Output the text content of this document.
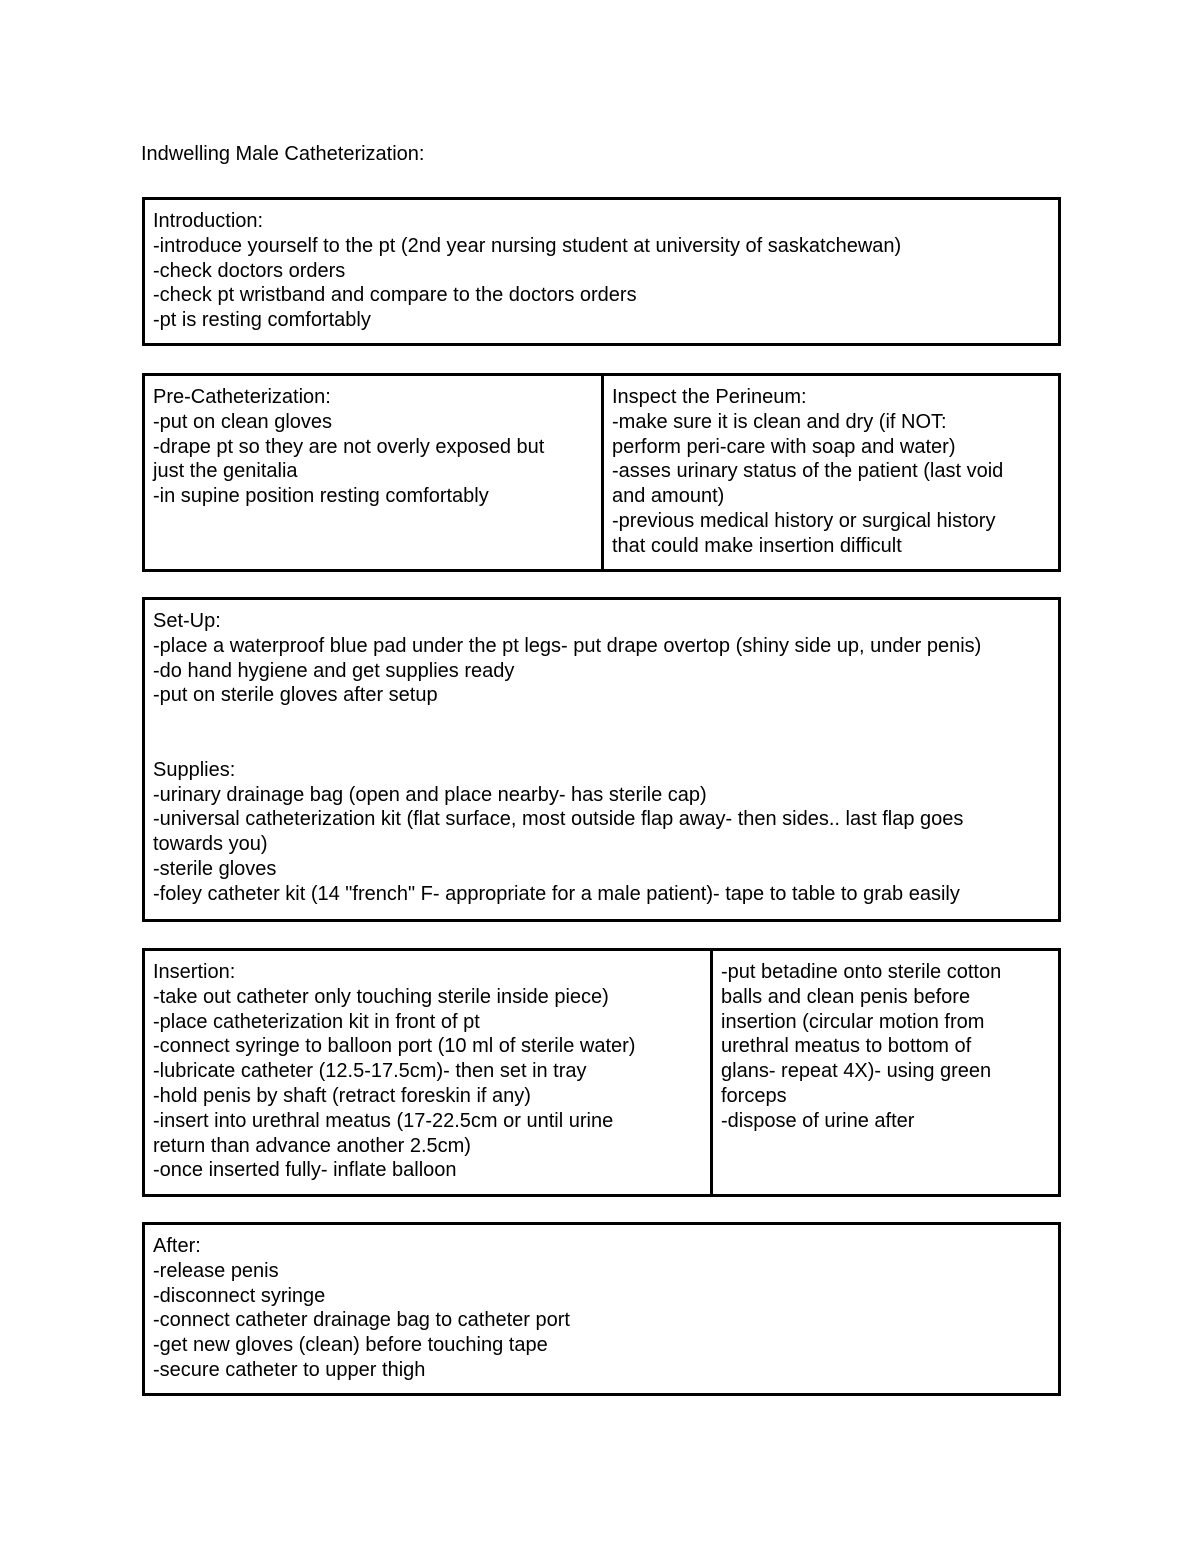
Indwelling Male Catheterization:
Introduction:
-introduce yourself to the pt (2nd year nursing student at university of saskatchewan)
-check doctors orders
-check pt wristband and compare to the doctors orders
-pt is resting comfortably
Pre-Catheterization:
-put on clean gloves
-drape pt so they are not overly exposed but
just the genitalia
-in supine position resting comfortably
Inspect the Perineum:
-make sure it is clean and dry (if NOT:
perform peri-care with soap and water)
-asses urinary status of the patient (last void
and amount)
-previous medical history or surgical history
that could make insertion difficult
Set-Up:
-place a waterproof blue pad under the pt legs- put drape overtop (shiny side up, under penis)
-do hand hygiene and get supplies ready
-put on sterile gloves after setup
Supplies:
-urinary drainage bag (open and place nearby- has sterile cap)
-universal catheterization kit (flat surface, most outside flap away- then sides.. last flap goes
towards you)
-sterile gloves
-foley catheter kit (14 "french" F- appropriate for a male patient)- tape to table to grab easily
Insertion:
-take out catheter only touching sterile inside piece)
-place catheterization kit in front of pt
-connect syringe to balloon port (10 ml of sterile water)
-lubricate catheter (12.5-17.5cm)- then set in tray
-hold penis by shaft (retract foreskin if any)
-insert into urethral meatus (17-22.5cm or until urine
return than advance another 2.5cm)
-once inserted fully- inflate balloon
-put betadine onto sterile cotton
balls and clean penis before
insertion (circular motion from
urethral meatus to bottom of
glans- repeat 4X)- using green
forceps
-dispose of urine after
After:
-release penis
-disconnect syringe
-connect catheter drainage bag to catheter port
-get new gloves (clean) before touching tape
-secure catheter to upper thigh
